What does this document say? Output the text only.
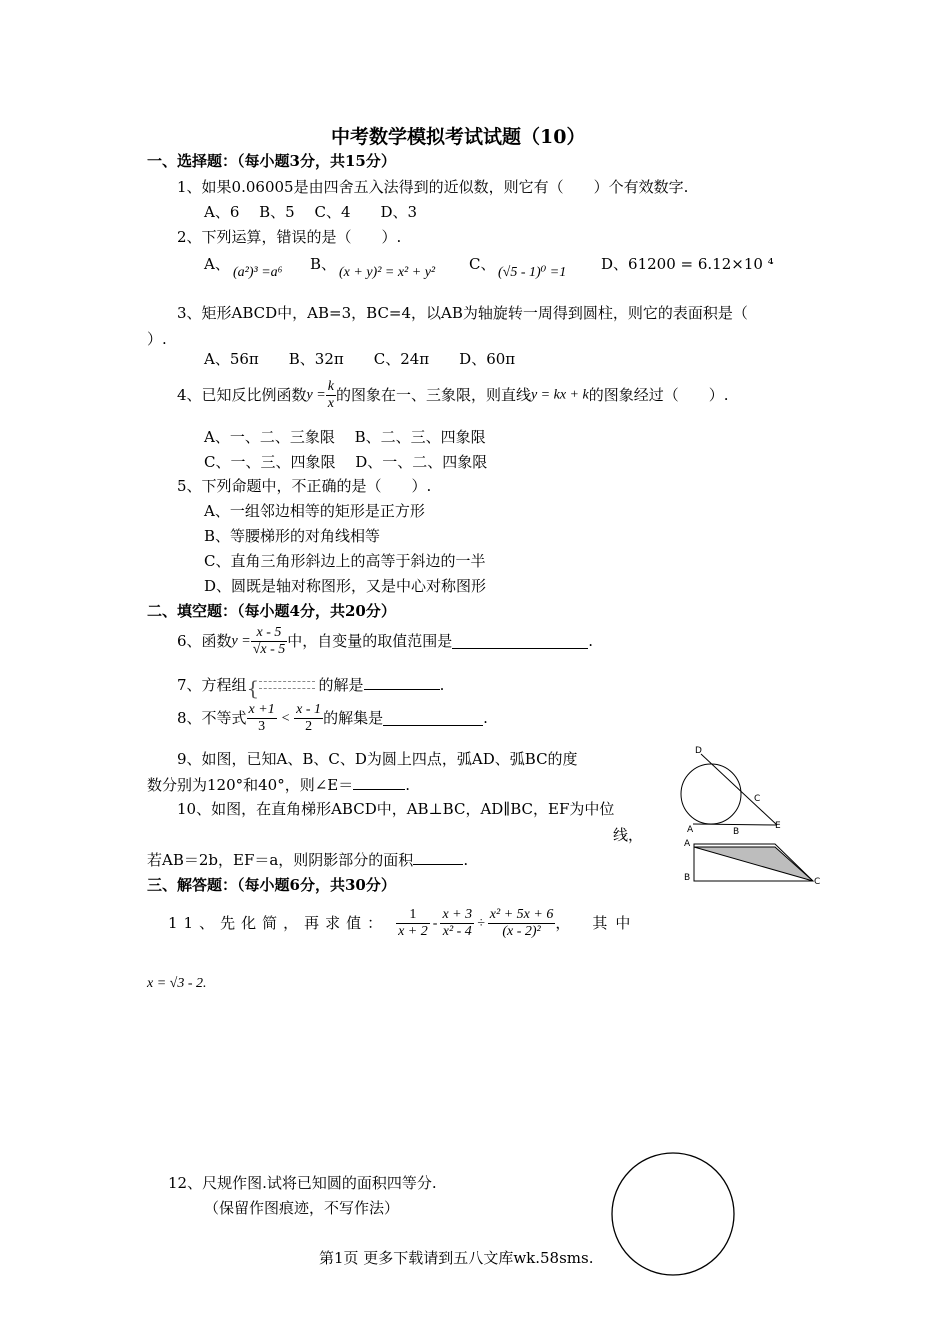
中考数学模拟考试试题（10）
一、选择题：（每小题3分，共15分）
1、如果0.06005是由四舍五入法得到的近似数，则它有（　　）个有效数字.
A、6　 B、5　 C、4　　D、3
2、下列运算，错误的是（　　）.
A、 (a²)³ =a⁶ B、 (x + y)² = x² + y² C、 (√5 - 1)⁰ =1 D、61200 = 6.12×10 ⁴
3、矩形ABCD中，AB=3，BC=4，以AB为轴旋转一周得到圆柱，则它的表面积是（
）.
A、56π　　B、32π　　C、24π　　D、60π
4、已知反比例函数$y = \frac{k}{x}$ 的图象在一、三象限，则直线y = kx + k的图象经过（　　）.
A、一、二、三象限　 B、二、三、四象限
C、一、三、四象限　 D、一、二、四象限
5、下列命题中，不正确的是（　　）.
A、一组邻边相等的矩形是正方形
B、等腰梯形的对角线相等
C、直角三角形斜边上的高等于斜边的一半
D、圆既是轴对称图形，又是中心对称图形
二、填空题：（每小题4分，共20分）
6、函数$y = \frac{x - 5}{√x - 5}$ 中，自变量的取值范围是	.
7、方程组 {	的解是	.
8、不等式 $\frac{x +1}{3} < \frac{x - 1}{2}$ 的解集是	.
9、如图，已知A、B、C、D为圆上四点，弧AD、弧BC的度
数分别为120°和40°，则∠E＝	.
10、如图，在直角梯形ABCD中，AB⊥BC，AD∥BC，EF为中位
线，
若AB＝2b，EF＝a，则阴影部分的面积	.
三、解答题：（每小题6分，共30分）
11、先化简，再求值： $\frac{1}{x + 2} - \frac{x + 3}{\text{x² - 4}} \div \frac{\text{x² + 5x + 6}}{\text{(x - 2)²}}$ ， 其中
x = √3 - 2.
12、尺规作图.试将已知圆的面积四等分.
（保留作图痕迹，不写作法）
D
C
A	B
E
A
B	C
第1页 更多下载请到五八文库wk.58sms.
